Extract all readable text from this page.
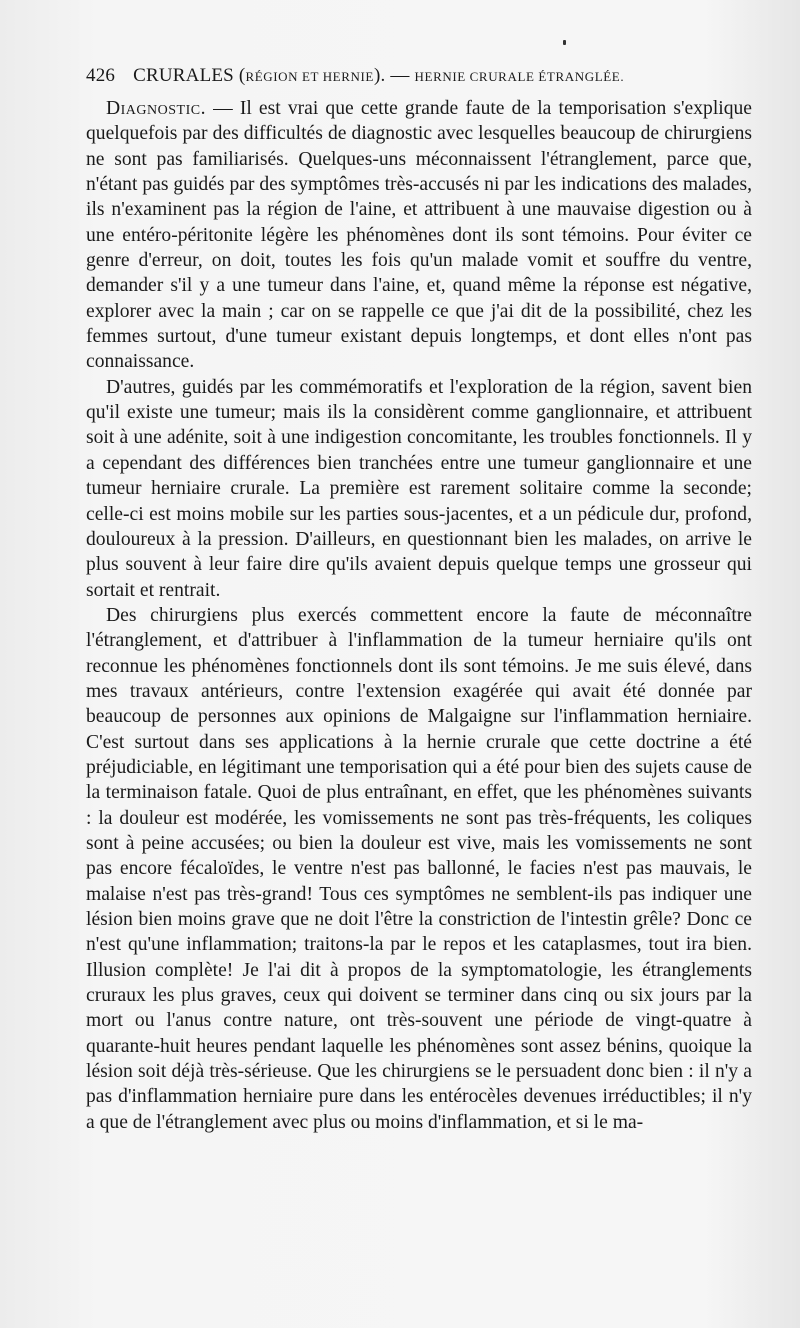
426 CRURALES (RÉGION ET HERNIE). — HERNIE CRURALE ÉTRANGLÉE.

Diagnostic. — Il est vrai que cette grande faute de la temporisation s'explique quelquefois par des difficultés de diagnostic avec lesquelles beaucoup de chirurgiens ne sont pas familiarisés. Quelques-uns méconnaissent l'étranglement, parce que, n'étant pas guidés par des symptômes très-accusés ni par les indications des malades, ils n'examinent pas la région de l'aine, et attribuent à une mauvaise digestion ou à une entéro-péritonite légère les phénomènes dont ils sont témoins. Pour éviter ce genre d'erreur, on doit, toutes les fois qu'un malade vomit et souffre du ventre, demander s'il y a une tumeur dans l'aine, et, quand même la réponse est négative, explorer avec la main ; car on se rappelle ce que j'ai dit de la possibilité, chez les femmes surtout, d'une tumeur existant depuis longtemps, et dont elles n'ont pas connaissance.

D'autres, guidés par les commémoratifs et l'exploration de la région, savent bien qu'il existe une tumeur; mais ils la considèrent comme ganglionnaire, et attribuent soit à une adénite, soit à une indigestion concomitante, les troubles fonctionnels. Il y a cependant des différences bien tranchées entre une tumeur ganglionnaire et une tumeur herniaire crurale. La première est rarement solitaire comme la seconde; celle-ci est moins mobile sur les parties sous-jacentes, et a un pédicule dur, profond, douloureux à la pression. D'ailleurs, en questionnant bien les malades, on arrive le plus souvent à leur faire dire qu'ils avaient depuis quelque temps une grosseur qui sortait et rentrait.

Des chirurgiens plus exercés commettent encore la faute de méconnaître l'étranglement, et d'attribuer à l'inflammation de la tumeur herniaire qu'ils ont reconnue les phénomènes fonctionnels dont ils sont témoins. Je me suis élevé, dans mes travaux antérieurs, contre l'extension exagérée qui avait été donnée par beaucoup de personnes aux opinions de Malgaigne sur l'inflammation herniaire. C'est surtout dans ses applications à la hernie crurale que cette doctrine a été préjudiciable, en légitimant une temporisation qui a été pour bien des sujets cause de la terminaison fatale. Quoi de plus entraînant, en effet, que les phénomènes suivants : la douleur est modérée, les vomissements ne sont pas très-fréquents, les coliques sont à peine accusées; ou bien la douleur est vive, mais les vomissements ne sont pas encore fécaloïdes, le ventre n'est pas ballonné, le facies n'est pas mauvais, le malaise n'est pas très-grand! Tous ces symptômes ne semblent-ils pas indiquer une lésion bien moins grave que ne doit l'être la constriction de l'intestin grêle? Donc ce n'est qu'une inflammation; traitons-la par le repos et les cataplasmes, tout ira bien. Illusion complète! Je l'ai dit à propos de la symptomatologie, les étranglements cruraux les plus graves, ceux qui doivent se terminer dans cinq ou six jours par la mort ou l'anus contre nature, ont très-souvent une période de vingt-quatre à quarante-huit heures pendant laquelle les phénomènes sont assez bénins, quoique la lésion soit déjà très-sérieuse. Que les chirurgiens se le persuadent donc bien : il n'y a pas d'inflammation herniaire pure dans les entérocèles devenues irréductibles; il n'y a que de l'étranglement avec plus ou moins d'inflammation, et si le ma-
